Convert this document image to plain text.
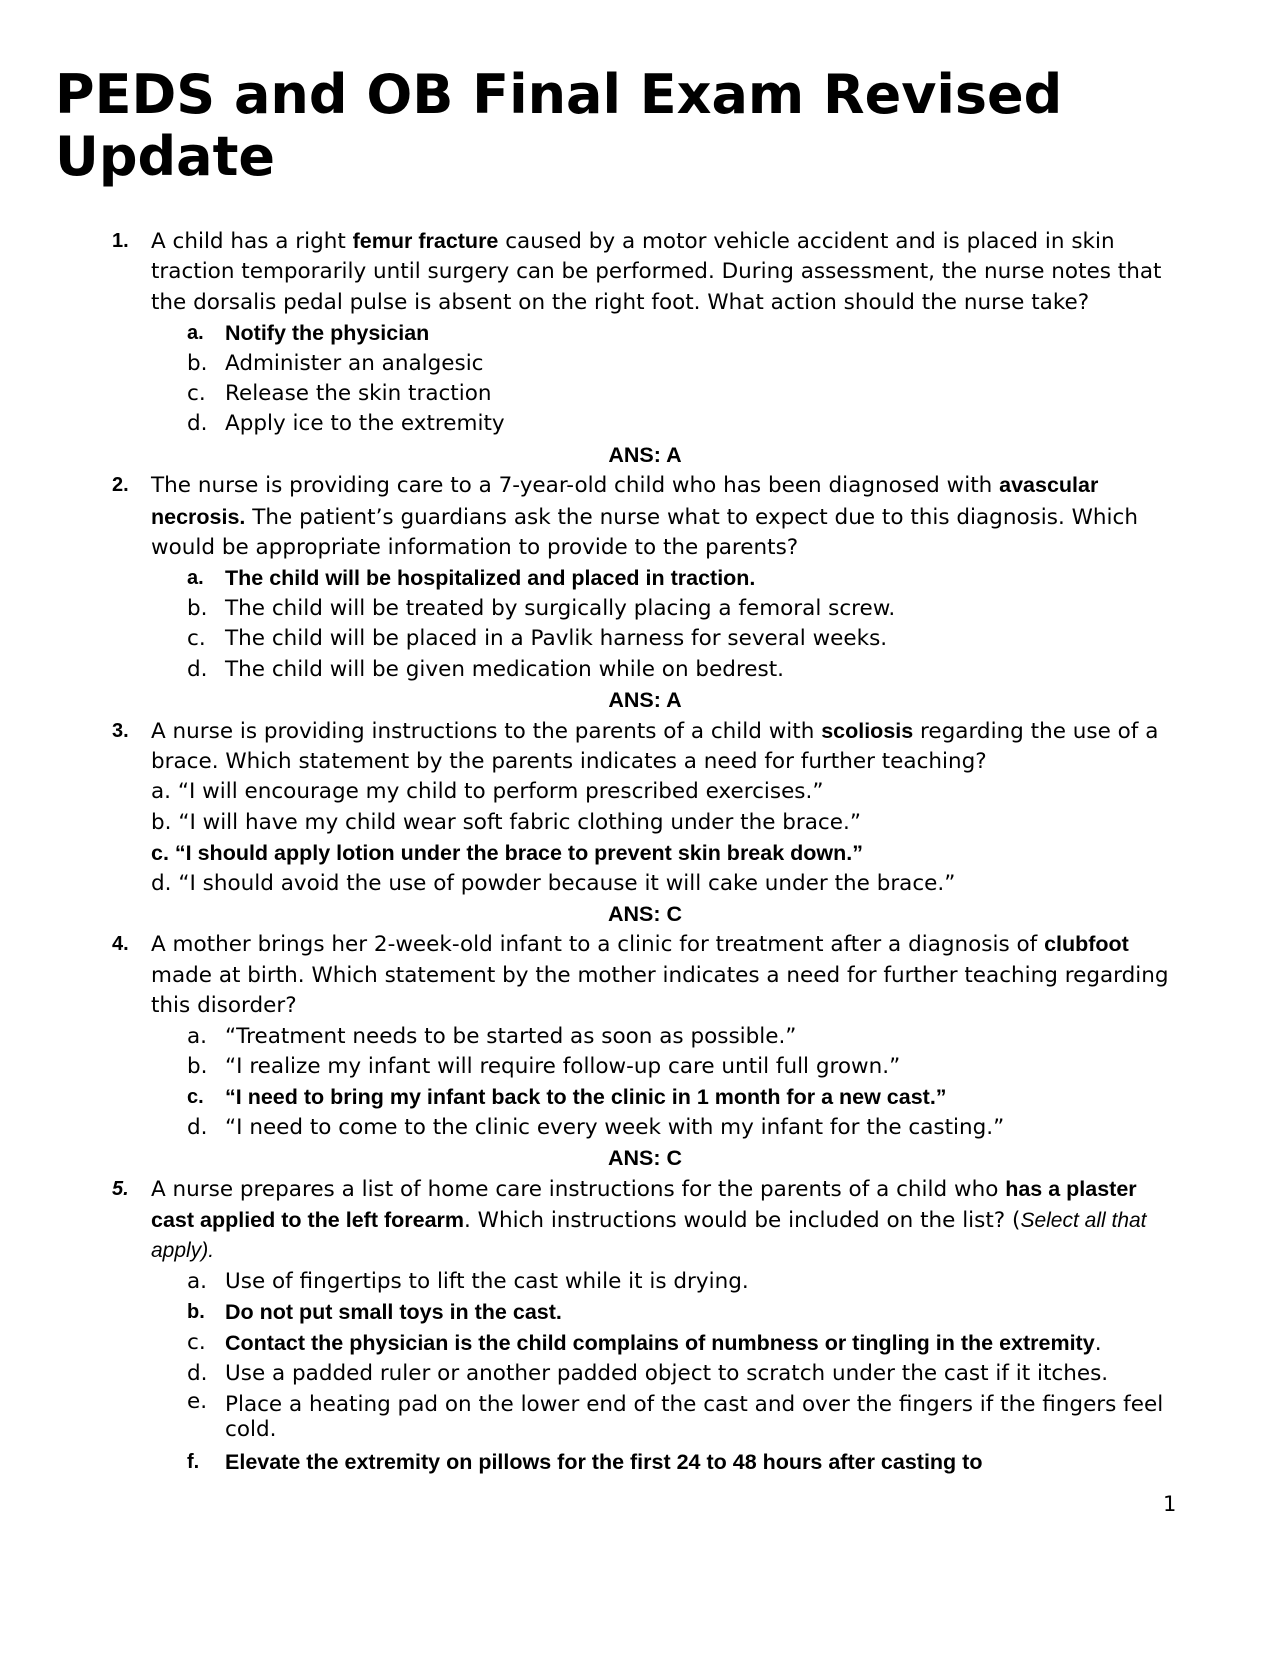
PEDS and OB Final Exam Revised Update
1. A child has a right femur fracture caused by a motor vehicle accident and is placed in skin traction temporarily until surgery can be performed. During assessment, the nurse notes that the dorsalis pedal pulse is absent on the right foot. What action should the nurse take?
a. Notify the physician
b. Administer an analgesic
c. Release the skin traction
d. Apply ice to the extremity
ANS: A
2. The nurse is providing care to a 7-year-old child who has been diagnosed with avascular necrosis. The patient’s guardians ask the nurse what to expect due to this diagnosis. Which would be appropriate information to provide to the parents?
a. The child will be hospitalized and placed in traction.
b. The child will be treated by surgically placing a femoral screw.
c. The child will be placed in a Pavlik harness for several weeks.
d. The child will be given medication while on bedrest.
ANS: A
3. A nurse is providing instructions to the parents of a child with scoliosis regarding the use of a brace. Which statement by the parents indicates a need for further teaching?
a. “I will encourage my child to perform prescribed exercises.”
b. “I will have my child wear soft fabric clothing under the brace.”
c. “I should apply lotion under the brace to prevent skin break down.”
d. “I should avoid the use of powder because it will cake under the brace.”
ANS: C
4. A mother brings her 2-week-old infant to a clinic for treatment after a diagnosis of clubfoot made at birth. Which statement by the mother indicates a need for further teaching regarding this disorder?
a. “Treatment needs to be started as soon as possible.”
b. “I realize my infant will require follow-up care until full grown.”
c. “I need to bring my infant back to the clinic in 1 month for a new cast.”
d. “I need to come to the clinic every week with my infant for the casting.”
ANS: C
5. A nurse prepares a list of home care instructions for the parents of a child who has a plaster cast applied to the left forearm. Which instructions would be included on the list? (Select all that apply).
a. Use of fingertips to lift the cast while it is drying.
b. Do not put small toys in the cast.
c. Contact the physician is the child complains of numbness or tingling in the extremity.
d. Use a padded ruler or another padded object to scratch under the cast if it itches.
e. Place a heating pad on the lower end of the cast and over the fingers if the fingers feel cold.
f. Elevate the extremity on pillows for the first 24 to 48 hours after casting to
1
